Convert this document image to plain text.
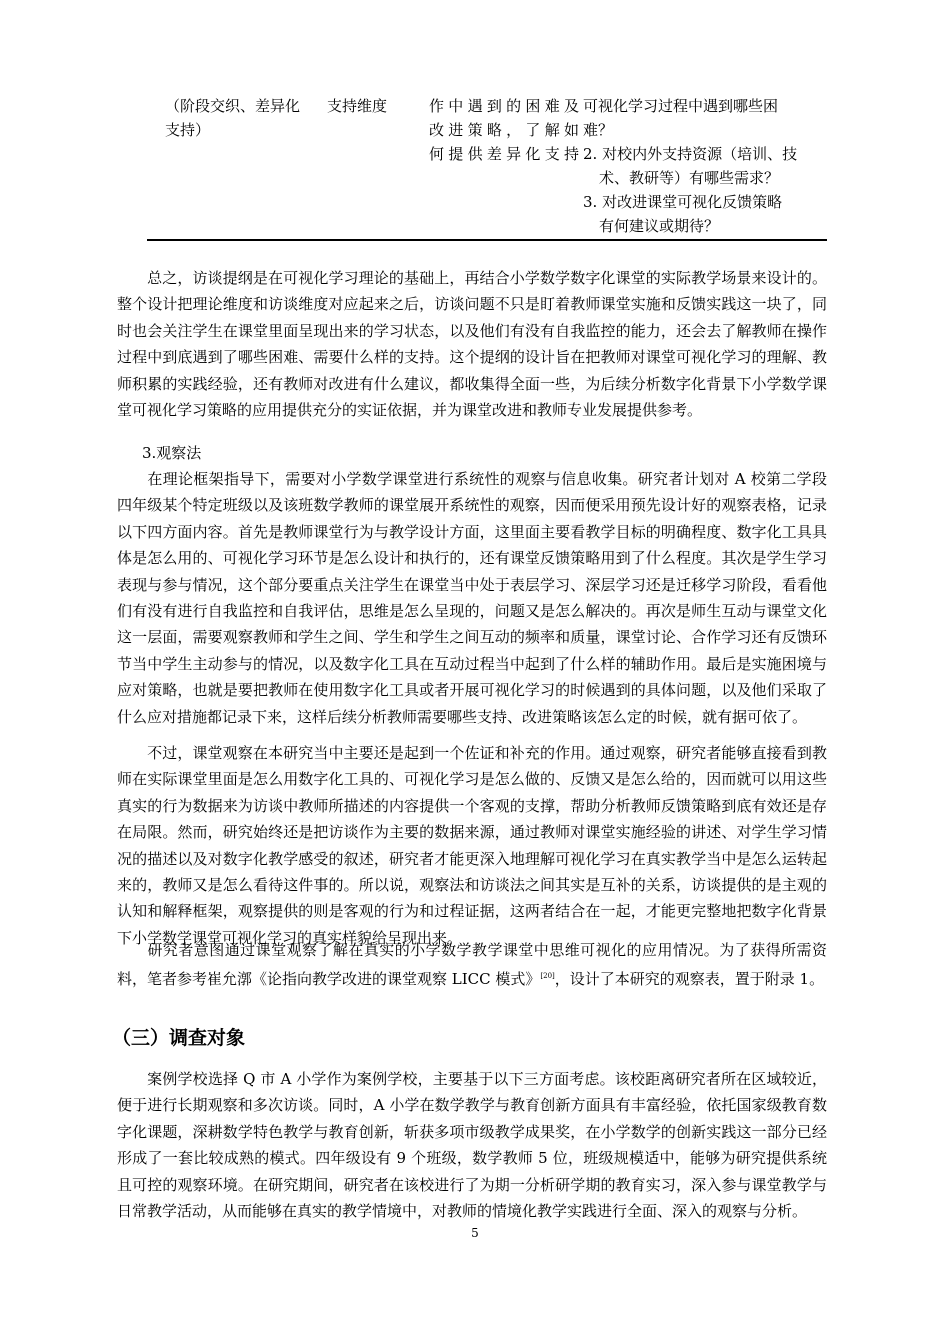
（阶段交织、差异化
支持）
支持维度	作中遇到的困难及
改进策略，了解如
何提供差异化支持
可视化学习过程中遇到哪些困
难？
2. 对校内外支持资源（培训、技
术、教研等）有哪些需求？
3. 对改进课堂可视化反馈策略
有何建议或期待？

总之，访谈提纲是在可视化学习理论的基础上，再结合小学数学数字化课堂的实际教学场景来设计的。整个设计把理论维度和访谈维度对应起来之后，访谈问题不只是盯着教师课堂实施和反馈实践这一块了，同时也会关注学生在课堂里面呈现出来的学习状态，以及他们有没有自我监控的能力，还会去了解教师在操作过程中到底遇到了哪些困难、需要什么样的支持。这个提纲的设计旨在把教师对课堂可视化学习的理解、教师积累的实践经验，还有教师对改进有什么建议，都收集得全面一些，为后续分析数字化背景下小学数学课堂可视化学习策略的应用提供充分的实证依据，并为课堂改进和教师专业发展提供参考。

3.观察法

在理论框架指导下，需要对小学数学课堂进行系统性的观察与信息收集。研究者计划对 A 校第二学段四年级某个特定班级以及该班数学教师的课堂展开系统性的观察，因而便采用预先设计好的观察表格，记录以下四方面内容。首先是教师课堂行为与教学设计方面，这里面主要看教学目标的明确程度、数字化工具具体是怎么用的、可视化学习环节是怎么设计和执行的，还有课堂反馈策略用到了什么程度。其次是学生学习表现与参与情况，这个部分要重点关注学生在课堂当中处于表层学习、深层学习还是迁移学习阶段，看看他们有没有进行自我监控和自我评估，思维是怎么呈现的，问题又是怎么解决的。再次是师生互动与课堂文化这一层面，需要观察教师和学生之间、学生和学生之间互动的频率和质量，课堂讨论、合作学习还有反馈环节当中学生主动参与的情况，以及数字化工具在互动过程当中起到了什么样的辅助作用。最后是实施困境与应对策略，也就是要把教师在使用数字化工具或者开展可视化学习的时候遇到的具体问题，以及他们采取了什么应对措施都记录下来，这样后续分析教师需要哪些支持、改进策略该怎么定的时候，就有据可依了。

不过，课堂观察在本研究当中主要还是起到一个佐证和补充的作用。通过观察，研究者能够直接看到教师在实际课堂里面是怎么用数字化工具的、可视化学习是怎么做的、反馈又是怎么给的，因而就可以用这些真实的行为数据来为访谈中教师所描述的内容提供一个客观的支撑，帮助分析教师反馈策略到底有效还是存在局限。然而，研究始终还是把访谈作为主要的数据来源，通过教师对课堂实施经验的讲述、对学生学习情况的描述以及对数字化教学感受的叙述，研究者才能更深入地理解可视化学习在真实教学当中是怎么运转起来的，教师又是怎么看待这件事的。所以说，观察法和访谈法之间其实是互补的关系，访谈提供的是主观的认知和解释框架，观察提供的则是客观的行为和过程证据，这两者结合在一起，才能更完整地把数字化背景下小学数学课堂可视化学习的真实样貌给呈现出来。

研究者意图通过课堂观察了解在真实的小学数学教学课堂中思维可视化的应用情况。为了获得所需资料，笔者参考崔允漷《论指向教学改进的课堂观察 LICC 模式》[20]，设计了本研究的观察表，置于附录 1。

（三）调查对象

案例学校选择 Q 市 A 小学作为案例学校，主要基于以下三方面考虑。该校距离研究者所在区域较近，便于进行长期观察和多次访谈。同时，A 小学在数学教学与教育创新方面具有丰富经验，依托国家级教育数字化课题，深耕数学特色教学与教育创新，斩获多项市级教学成果奖，在小学数学的创新实践这一部分已经形成了一套比较成熟的模式。四年级设有 9 个班级，数学教师 5 位，班级规模适中，能够为研究提供系统且可控的观察环境。在研究期间，研究者在该校进行了为期一分析研学期的教育实习，深入参与课堂教学与日常教学活动，从而能够在真实的教学情境中，对教师的情境化教学实践进行全面、深入的观察与分析。

5
